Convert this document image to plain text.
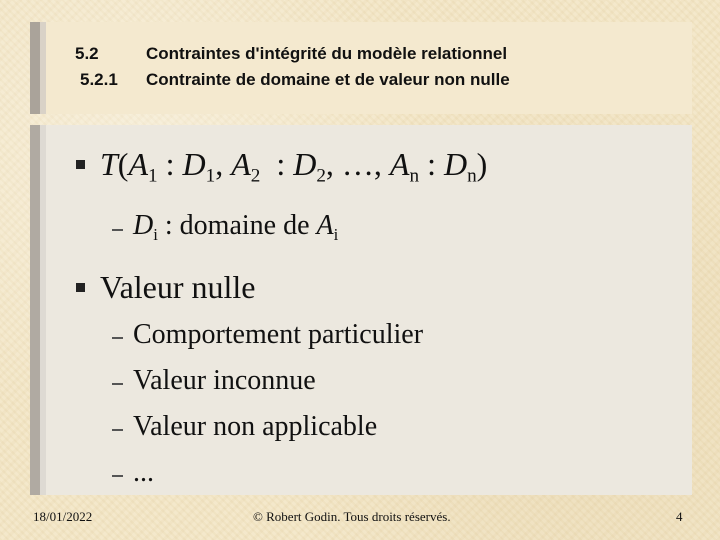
5.2	Contraintes d'intégrité du modèle relationnel
5.2.1 Contrainte de domaine et de valeur non nulle
$T(A_1$ : $D_1$, $A_2$  : $D_2$, …, $A_n$ : $D_n$)
$D_i$ : domaine de $A_i$
Valeur nulle
Comportement particulier
Valeur inconnue
Valeur non applicable
...
18/01/2022	© Robert Godin. Tous droits réservés.	4
